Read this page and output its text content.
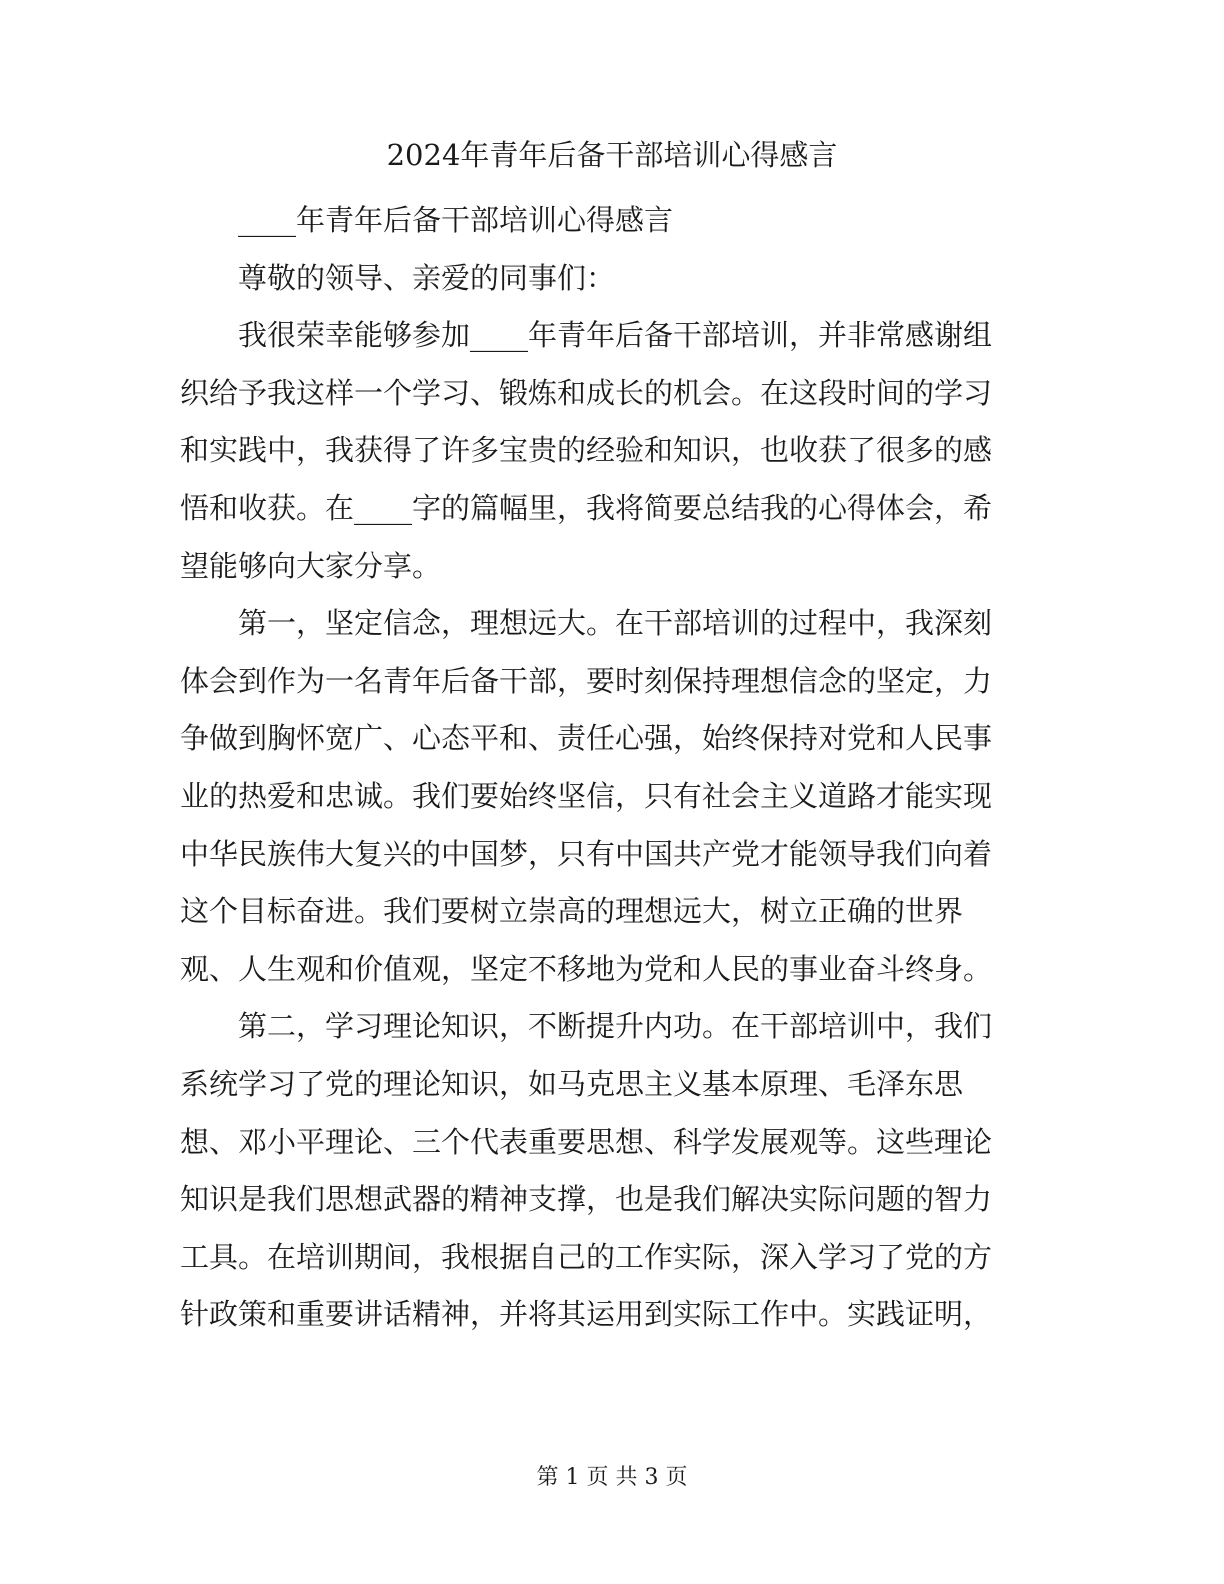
2024年青年后备干部培训心得感言

____年青年后备干部培训心得感言

尊敬的领导、亲爱的同事们：

我很荣幸能够参加____年青年后备干部培训，并非常感谢组
织给予我这样一个学习、锻炼和成长的机会。在这段时间的学习
和实践中，我获得了许多宝贵的经验和知识，也收获了很多的感
悟和收获。在____字的篇幅里，我将简要总结我的心得体会，希
望能够向大家分享。

第一，坚定信念，理想远大。在干部培训的过程中，我深刻
体会到作为一名青年后备干部，要时刻保持理想信念的坚定，力
争做到胸怀宽广、心态平和、责任心强，始终保持对党和人民事
业的热爱和忠诚。我们要始终坚信，只有社会主义道路才能实现
中华民族伟大复兴的中国梦，只有中国共产党才能领导我们向着
这个目标奋进。我们要树立崇高的理想远大，树立正确的世界
观、人生观和价值观，坚定不移地为党和人民的事业奋斗终身。

第二，学习理论知识，不断提升内功。在干部培训中，我们
系统学习了党的理论知识，如马克思主义基本原理、毛泽东思
想、邓小平理论、三个代表重要思想、科学发展观等。这些理论
知识是我们思想武器的精神支撑，也是我们解决实际问题的智力
工具。在培训期间，我根据自己的工作实际，深入学习了党的方
针政策和重要讲话精神，并将其运用到实际工作中。实践证明，

第 1 页 共 3 页
